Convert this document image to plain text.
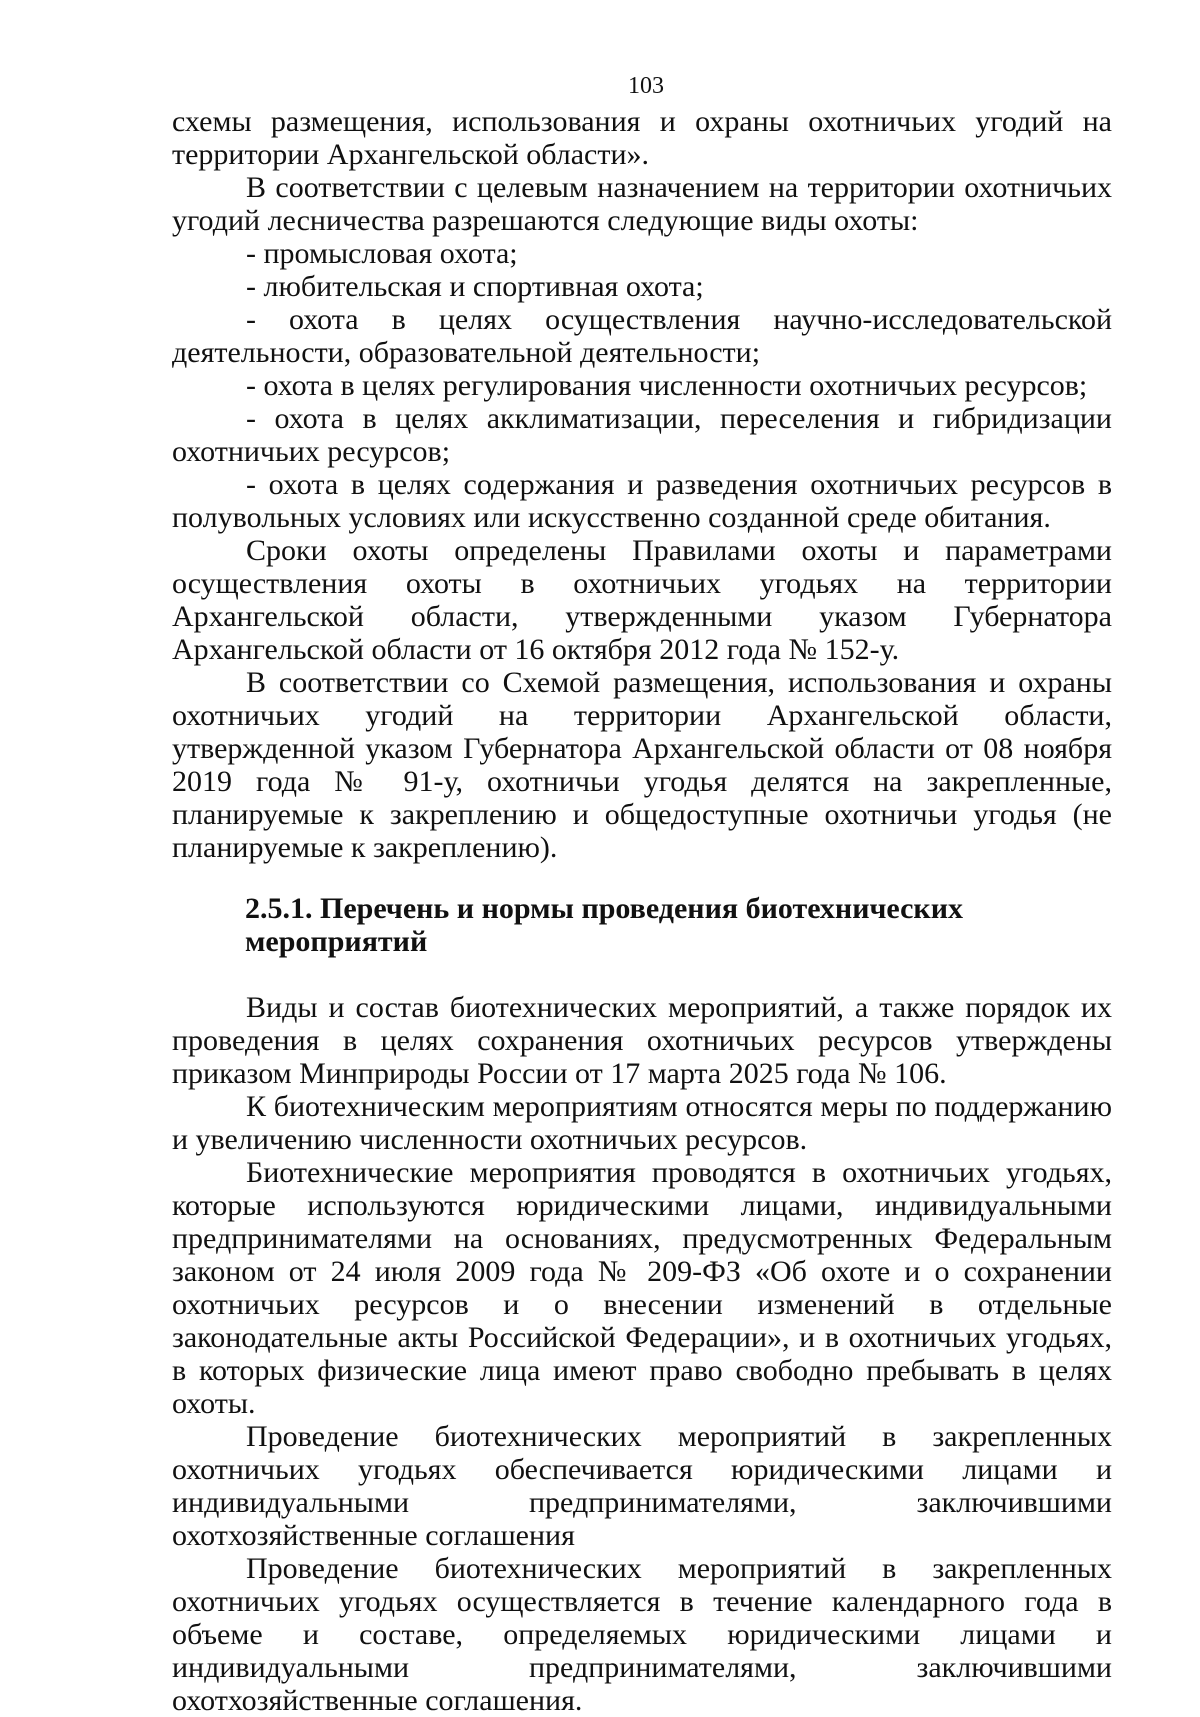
103

схемы размещения, использования и охраны охотничьих угодий на территории Архангельской области».

В соответствии с целевым назначением на территории охотничьих угодий лесничества разрешаются следующие виды охоты:

- промысловая охота;

- любительская и спортивная охота;

- охота в целях осуществления научно-исследовательской деятельности, образовательной деятельности;

- охота в целях регулирования численности охотничьих ресурсов;

- охота в целях акклиматизации, переселения и гибридизации охотничьих ресурсов;

- охота в целях содержания и разведения охотничьих ресурсов в полувольных условиях или искусственно созданной среде обитания.

Сроки охоты определены Правилами охоты и параметрами осуществления охоты в охотничьих угодьях на территории Архангельской области, утвержденными указом Губернатора Архангельской области от 16 октября 2012 года № 152-у.

В соответствии со Схемой размещения, использования и охраны охотничьих угодий на территории Архангельской области, утвержденной указом Губернатора Архангельской области от 08 ноября 2019 года № 91-у, охотничьи угодья делятся на закрепленные, планируемые к закреплению и общедоступные охотничьи угодья (не планируемые к закреплению).

2.5.1. Перечень и нормы проведения биотехнических мероприятий

Виды и состав биотехнических мероприятий, а также порядок их проведения в целях сохранения охотничьих ресурсов утверждены приказом Минприроды России от 17 марта 2025 года № 106.

К биотехническим мероприятиям относятся меры по поддержанию и увеличению численности охотничьих ресурсов.

Биотехнические мероприятия проводятся в охотничьих угодьях, которые используются юридическими лицами, индивидуальными предпринимателями на основаниях, предусмотренных Федеральным законом от 24 июля 2009 года № 209-ФЗ «Об охоте и о сохранении охотничьих ресурсов и о внесении изменений в отдельные законодательные акты Российской Федерации», и в охотничьих угодьях, в которых физические лица имеют право свободно пребывать в целях охоты.

Проведение биотехнических мероприятий в закрепленных охотничьих угодьях обеспечивается юридическими лицами и индивидуальными предпринимателями, заключившими охотхозяйственные соглашения

Проведение биотехнических мероприятий в закрепленных охотничьих угодьях осуществляется в течение календарного года в объеме и составе, определяемых юридическими лицами и индивидуальными предпринимателями, заключившими охотхозяйственные соглашения.
